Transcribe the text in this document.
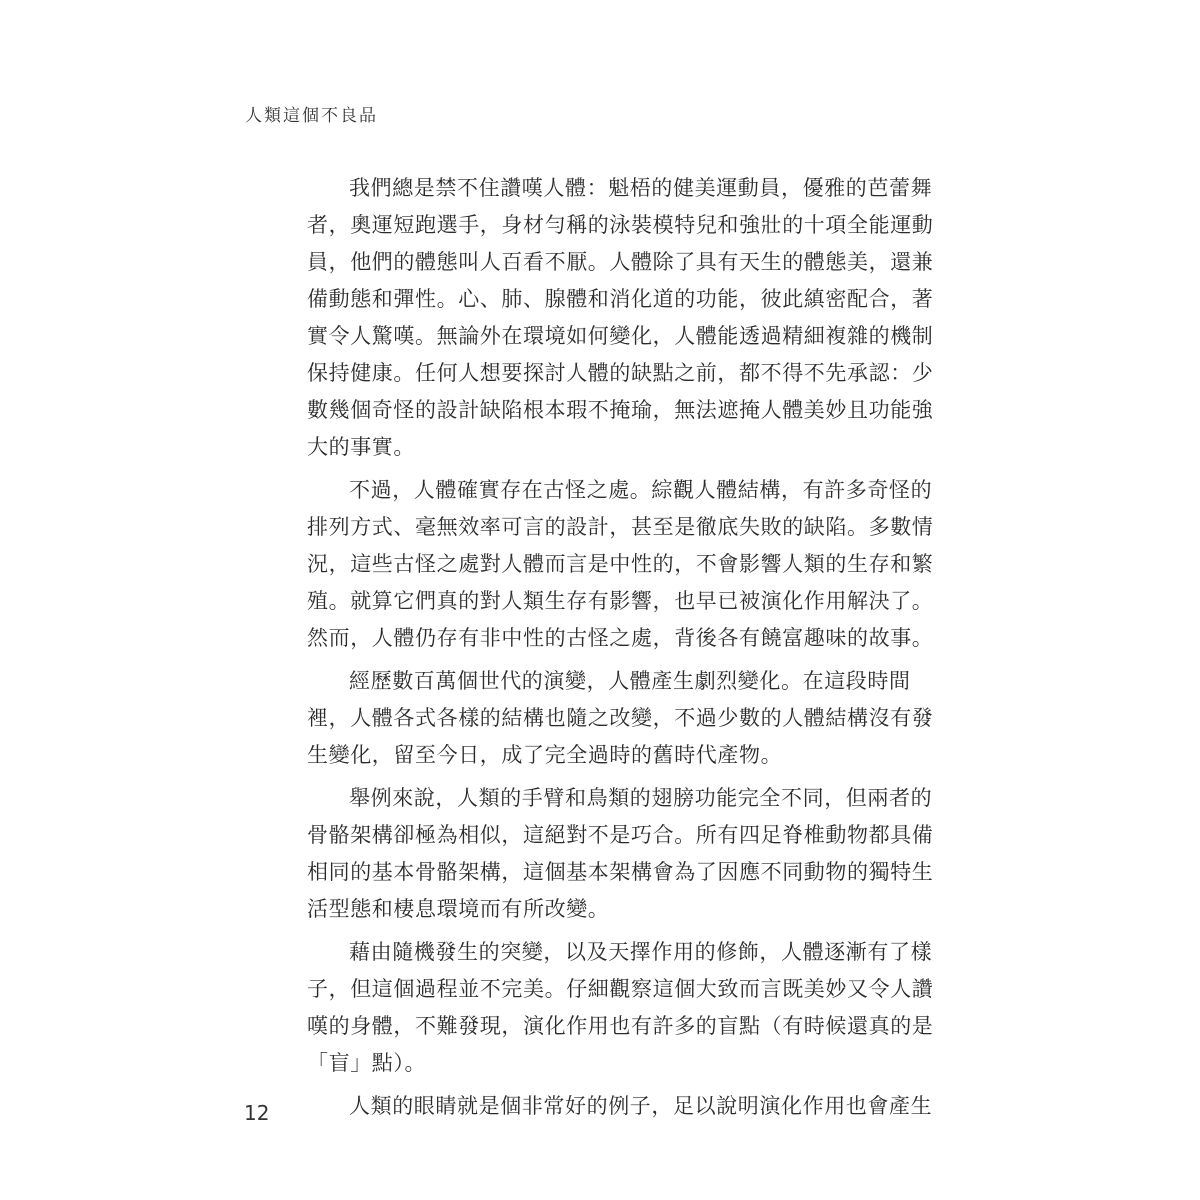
人類這個不良品
我們總是禁不住讚嘆人體：魁梧的健美運動員，優雅的芭蕾舞
者，奧運短跑選手，身材勻稱的泳裝模特兒和強壯的十項全能運動
員，他們的體態叫人百看不厭。人體除了具有天生的體態美，還兼
備動態和彈性。心、肺、腺體和消化道的功能，彼此縝密配合，著
實令人驚嘆。無論外在環境如何變化，人體能透過精細複雜的機制
保持健康。任何人想要探討人體的缺點之前，都不得不先承認：少
數幾個奇怪的設計缺陷根本瑕不掩瑜，無法遮掩人體美妙且功能強
大的事實。
不過，人體確實存在古怪之處。綜觀人體結構，有許多奇怪的
排列方式、毫無效率可言的設計，甚至是徹底失敗的缺陷。多數情
況，這些古怪之處對人體而言是中性的，不會影響人類的生存和繁
殖。就算它們真的對人類生存有影響，也早已被演化作用解決了。
然而，人體仍存有非中性的古怪之處，背後各有饒富趣味的故事。
經歷數百萬個世代的演變，人體產生劇烈變化。在這段時間
裡，人體各式各樣的結構也隨之改變，不過少數的人體結構沒有發
生變化，留至今日，成了完全過時的舊時代產物。
舉例來說，人類的手臂和鳥類的翅膀功能完全不同，但兩者的
骨骼架構卻極為相似，這絕對不是巧合。所有四足脊椎動物都具備
相同的基本骨骼架構，這個基本架構會為了因應不同動物的獨特生
活型態和棲息環境而有所改變。
藉由隨機發生的突變，以及天擇作用的修飾，人體逐漸有了樣
子，但這個過程並不完美。仔細觀察這個大致而言既美妙又令人讚
嘆的身體，不難發現，演化作用也有許多的盲點（有時候還真的是
「盲」點）。
人類的眼睛就是個非常好的例子，足以說明演化作用也會產生
12
